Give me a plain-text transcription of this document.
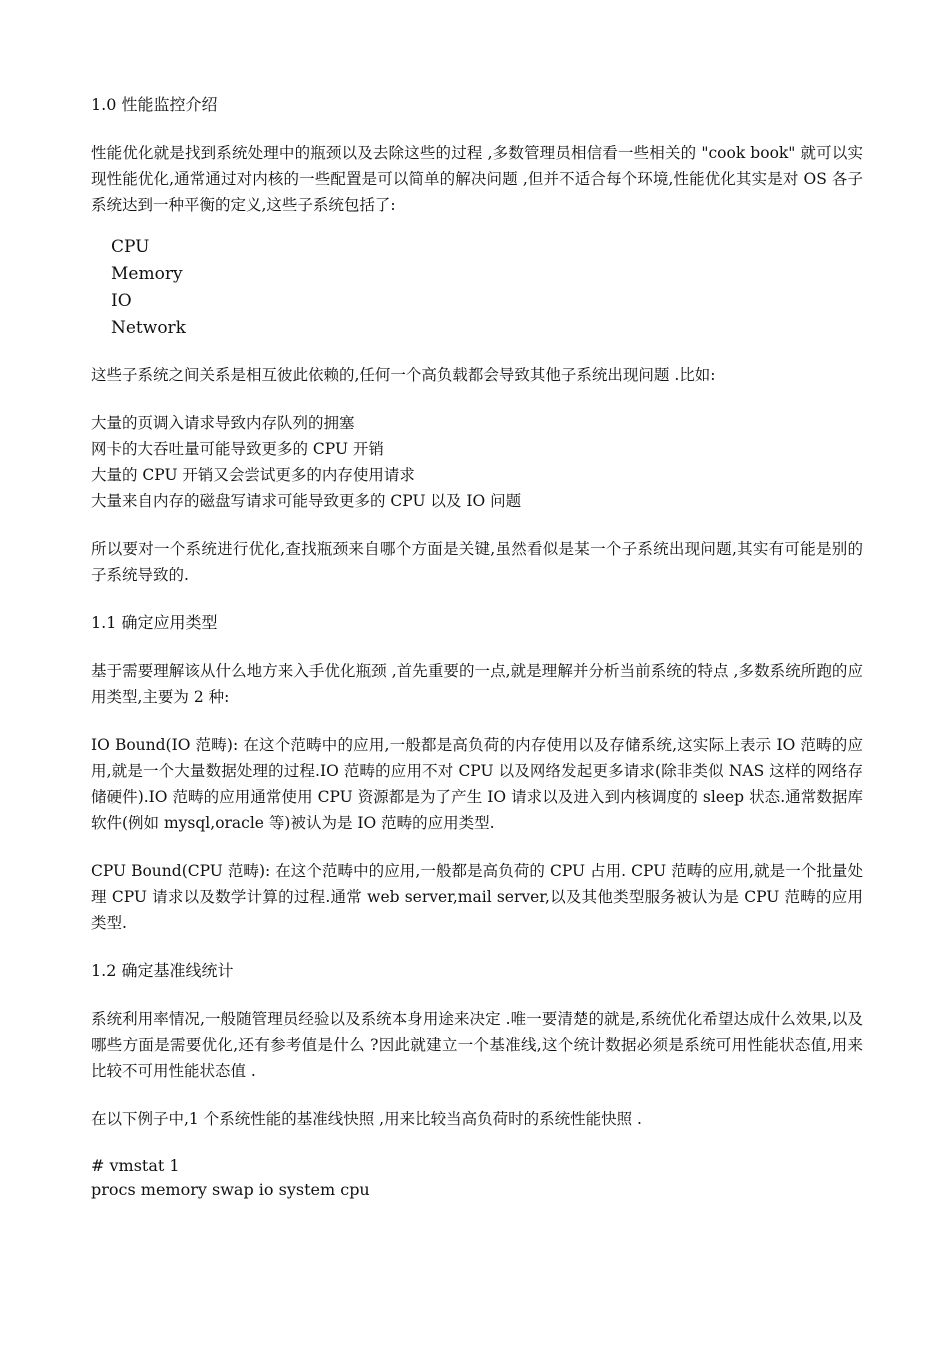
1.0 性能监控介绍
性能优化就是找到系统处理中的瓶颈以及去除这些的过程 ,多数管理员相信看一些相关的 "cook book" 就可以实现性能优化,通常通过对内核的一些配置是可以简单的解决问题 ,但并不适合每个环境,性能优化其实是对 OS 各子系统达到一种平衡的定义,这些子系统包括了:
CPU
Memory
IO
Network
这些子系统之间关系是相互彼此依赖的,任何一个高负载都会导致其他子系统出现问题 .比如:
大量的页调入请求导致内存队列的拥塞
网卡的大吞吐量可能导致更多的 CPU 开销
大量的 CPU 开销又会尝试更多的内存使用请求
大量来自内存的磁盘写请求可能导致更多的 CPU 以及 IO 问题
所以要对一个系统进行优化,查找瓶颈来自哪个方面是关键,虽然看似是某一个子系统出现问题,其实有可能是别的子系统导致的.
1.1 确定应用类型
基于需要理解该从什么地方来入手优化瓶颈 ,首先重要的一点,就是理解并分析当前系统的特点 ,多数系统所跑的应用类型,主要为 2 种:
IO Bound(IO 范畴): 在这个范畴中的应用,一般都是高负荷的内存使用以及存储系统,这实际上表示 IO 范畴的应用,就是一个大量数据处理的过程.IO 范畴的应用不对 CPU 以及网络发起更多请求(除非类似 NAS 这样的网络存储硬件).IO 范畴的应用通常使用 CPU 资源都是为了产生 IO 请求以及进入到内核调度的 sleep 状态.通常数据库软件(例如 mysql,oracle 等)被认为是 IO 范畴的应用类型.
CPU Bound(CPU 范畴): 在这个范畴中的应用,一般都是高负荷的 CPU 占用. CPU 范畴的应用,就是一个批量处理 CPU 请求以及数学计算的过程.通常 web server,mail server,以及其他类型服务被认为是 CPU 范畴的应用类型.
1.2 确定基准线统计
系统利用率情况,一般随管理员经验以及系统本身用途来决定 .唯一要清楚的就是,系统优化希望达成什么效果,以及哪些方面是需要优化,还有参考值是什么 ?因此就建立一个基准线,这个统计数据必须是系统可用性能状态值,用来比较不可用性能状态值 .
在以下例子中,1 个系统性能的基准线快照 ,用来比较当高负荷时的系统性能快照 .
# vmstat 1
procs memory swap io system cpu
